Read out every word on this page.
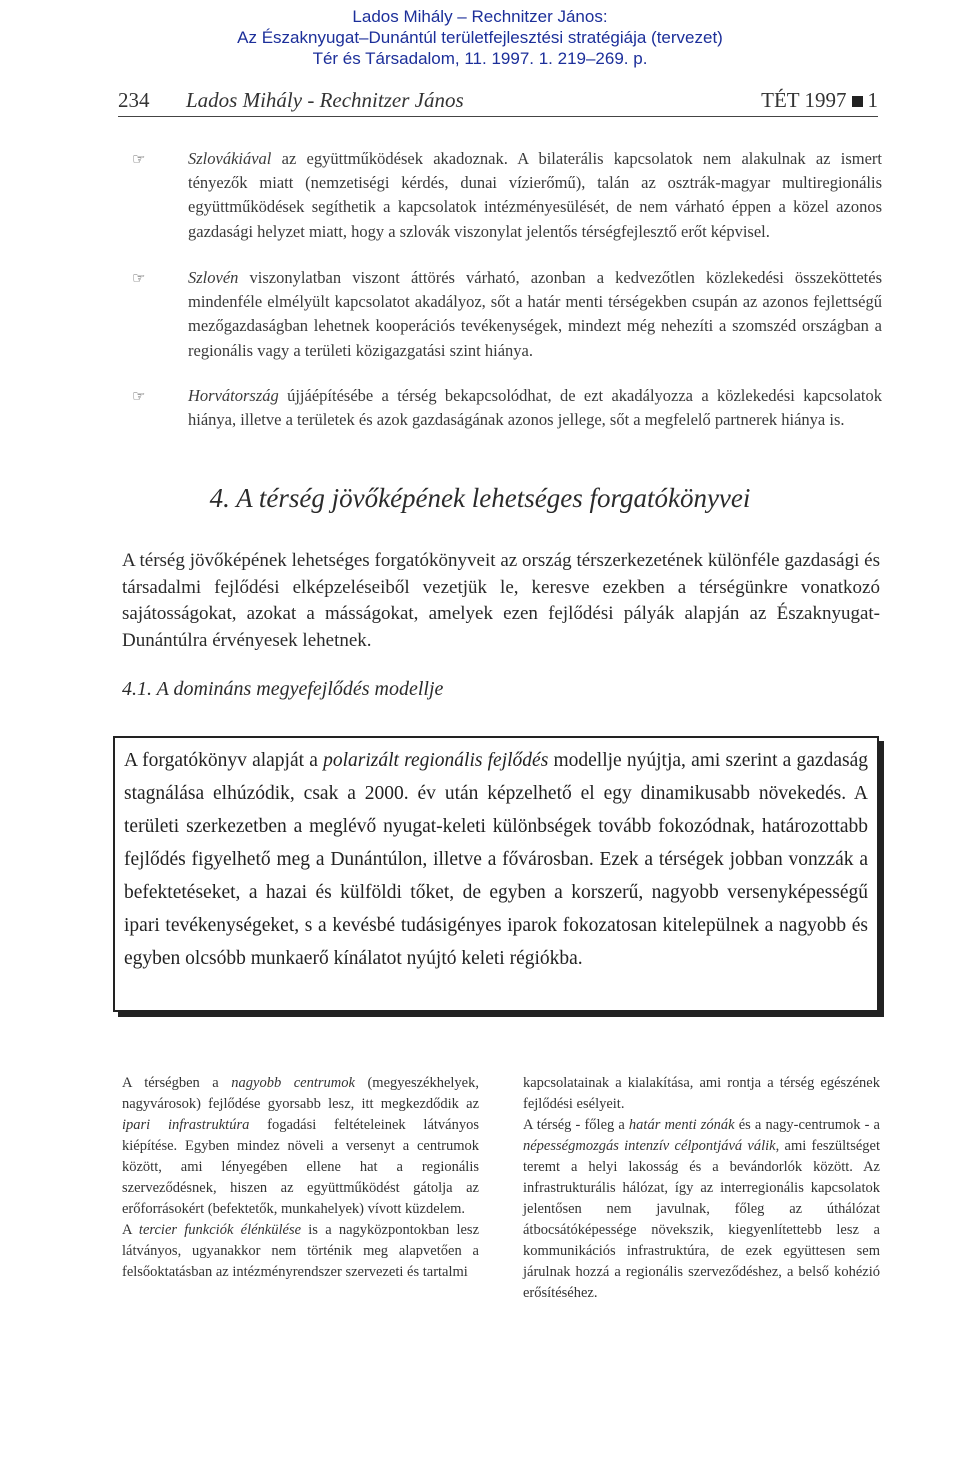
Lados Mihály – Rechnitzer János:
Az Északnyugat–Dunántúl területfejlesztési stratégiája (tervezet)
Tér és Társadalom, 11. 1997. 1. 219–269. p.
234 Lados Mihály - Rechnitzer János	TÉT 1997 1
☞	Szlovákiával az együttműködések akadoznak. A bilaterális kapcsolatok nem alakulnak az ismert tényezők miatt (nemzetiségi kérdés, dunai vízierőmű), talán az osztrák-magyar multiregionális együttműködések segíthetik a kapcsolatok intézményesülését, de nem várható éppen a közel azonos gazdasági helyzet miatt, hogy a szlovák viszonylat jelentős térségfejlesztő erőt képvisel.
☞	Szlovén viszonylatban viszont áttörés várható, azonban a kedvezőtlen közlekedési összeköttetés mindenféle elmélyült kapcsolatot akadályoz, sőt a határ menti térségekben csupán az azonos fejlettségű mezőgazdaságban lehetnek kooperációs tevékenységek, mindezt még nehezíti a szomszéd országban a regionális vagy a területi közigazgatási szint hiánya.
☞	Horvátország újjáépítésébe a térség bekapcsolódhat, de ezt akadályozza a közlekedési kapcsolatok hiánya, illetve a területek és azok gazdaságának azonos jellege, sőt a megfelelő partnerek hiánya is.
4. A térség jövőképének lehetséges forgatókönyvei
A térség jövőképének lehetséges forgatókönyveit az ország térszerkezetének különféle gazdasági és társadalmi fejlődési elképzeléseiből vezetjük le, keresve ezekben a térségünkre vonatkozó sajátosságokat, azokat a másságokat, amelyek ezen fejlődési pályák alapján az Északnyugat-Dunántúlra érvényesek lehetnek.
4.1. A domináns megyefejlődés modellje

A forgatókönyv alapját a polarizált regionális fejlődés modellje nyújtja, ami szerint a gazdaság stagnálása elhúzódik, csak a 2000. év után képzelhető el egy dinamikusabb növekedés. A területi szerkezetben a meglévő nyugat-keleti különbségek tovább fokozódnak, határozottabb fejlődés figyelhető meg a Dunántúlon, illetve a fővárosban. Ezek a térségek jobban vonzzák a befektetéseket, a hazai és külföldi tőket, de egyben a korszerű, nagyobb versenyképességű ipari tevékenységeket, s a kevésbé tudásigényes iparok fokozatosan kitelepülnek a nagyobb és egyben olcsóbb munkaerő kínálatot nyújtó keleti régiókba.

A térségben a nagyobb centrumok (megyeszékhelyek, nagyvárosok) fejlődése gyorsabb lesz, itt megkezdődik az ipari infrastruktúra fogadási feltételeinek látványos kiépítése. Egyben mindez növeli a versenyt a centrumok között, ami lényegében ellene hat a regionális szerveződésnek, hiszen az együttműködést gátolja az erőforrásokért (befektetők, munkahelyek) vívott küzdelem.

A tercier funkciók élénkülése is a nagyközpontokban lesz látványos, ugyanakkor nem történik meg alapvetően a felsőoktatásban az intézményrendszer szervezeti és tartalmi

kapcsolatainak a kialakítása, ami rontja a térség egészének fejlődési esélyeit.

A térség - főleg a határ menti zónák és a nagy-centrumok - a népességmozgás intenzív célpontjává válik, ami feszültséget teremt a helyi lakosság és a bevándorlók között. Az infrastrukturális hálózat, így az interregionális kapcsolatok jelentősen nem javulnak, főleg az úthálózat átbocsátóképessége növekszik, kiegyenlítettebb lesz a kommunikációs infrastruktúra, de ezek együttesen sem járulnak hozzá a regionális szerveződéshez, a belső kohézió erősítéséhez.
